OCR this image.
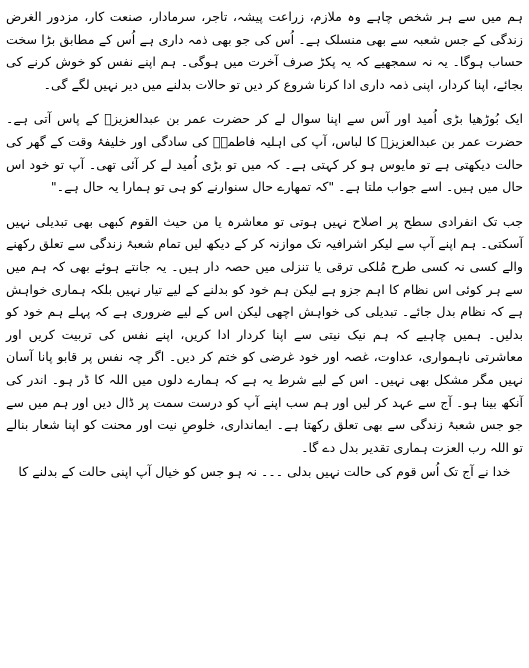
ہم میں سے ہر شخص چاہے وہ ملازم، زراعت پیشہ، تاجر، سرمادار، صنعت کار، مزدور الغرض زندگی کے جس شعبہ سے بھی منسلک ہے۔ اُس کی جو بھی ذمہ داری ہے اُس کے مطابق بڑا سخت حساب ہوگا۔ یہ نہ سمجھیے کہ یہ پکڑ صرف آخرت میں ہوگی۔ ہم اپنے نفس کو خوش کرنے کی بجائے، اپنا کردار، اپنی ذمہ داری ادا کرنا شروع کر دیں تو حالات بدلنے میں دیر نہیں لگے گی۔

ایک بُوڑھیا بڑی اُمید اور آس سے اپنا سوال لے کر حضرت عمر بن عبدالعزیزؒ کے پاس آتی ہے۔ حضرت عمر بن عبدالعزیزؒ کا لباس، آپ کی اہلیہ فاطمہؒ کی سادگی اور خلیفۂ وقت کے گھر کی حالت دیکھتی ہے تو مایوس ہو کر کہتی ہے۔ کہ میں تو بڑی اُمید لے کر آئی تھی۔ آپ تو خود اس حال میں ہیں۔ اسے جواب ملتا ہے۔ "کہ تمھارے حال سنوارنے کو ہی تو ہمارا یہ حال ہے۔"

جب تک انفرادی سطح پر اصلاح نہیں ہوتی تو معاشرہ یا من حیث القوم کبھی بھی تبدیلی نہیں آسکتی۔ ہم اپنے آپ سے لیکر اشرافیہ تک موازنہ کر کے دیکھ لیں تمام شعبۂ زندگی سے تعلق رکھنے والے کسی نہ کسی طرح مُلکی ترقی یا تنزلی میں حصہ دار ہیں۔ یہ جانتے ہوئے بھی کہ ہم میں سے ہر کوئی اس نظام کا اہم جزو ہے لیکن ہم خود کو بدلنے کے لیے تیار نہیں بلکہ ہماری خواہش ہے کہ نظام بدل جائے۔ تبدیلی کی خواہش اچھی لیکن اس کے لیے ضروری ہے کہ پہلے ہم خود کو بدلیں۔ ہمیں چاہیے کہ ہم نیک نیتی سے اپنا کردار ادا کریں، اپنے نفس کی تربیت کریں اور معاشرتی ناہمواری، عداوت، غصہ اور خود غرضی کو ختم کر دیں۔ اگر چہ نفس پر قابو پانا آسان نہیں مگر مشکل بھی نہیں۔ اس کے لیے شرط یہ ہے کہ ہمارے دلوں میں اللہ کا ڈر ہو۔ اندر کی آنکھ بینا ہو۔ آج سے عہد کر لیں اور ہم سب اپنے آپ کو درست سمت پر ڈال دیں اور ہم میں سے جو جس شعبۂ زندگی سے بھی تعلق رکھتا ہے۔ ایمانداری، خلوصِ نیت اور محنت کو اپنا شعار بنالے تو اللہ رب العزت ہماری تقدیر بدل دے گا۔

خدا نے آج تک اُس قوم کی حالت نہیں بدلی ۔۔۔ نہ ہو جس کو خیال آپ اپنی حالت کے بدلنے کا
